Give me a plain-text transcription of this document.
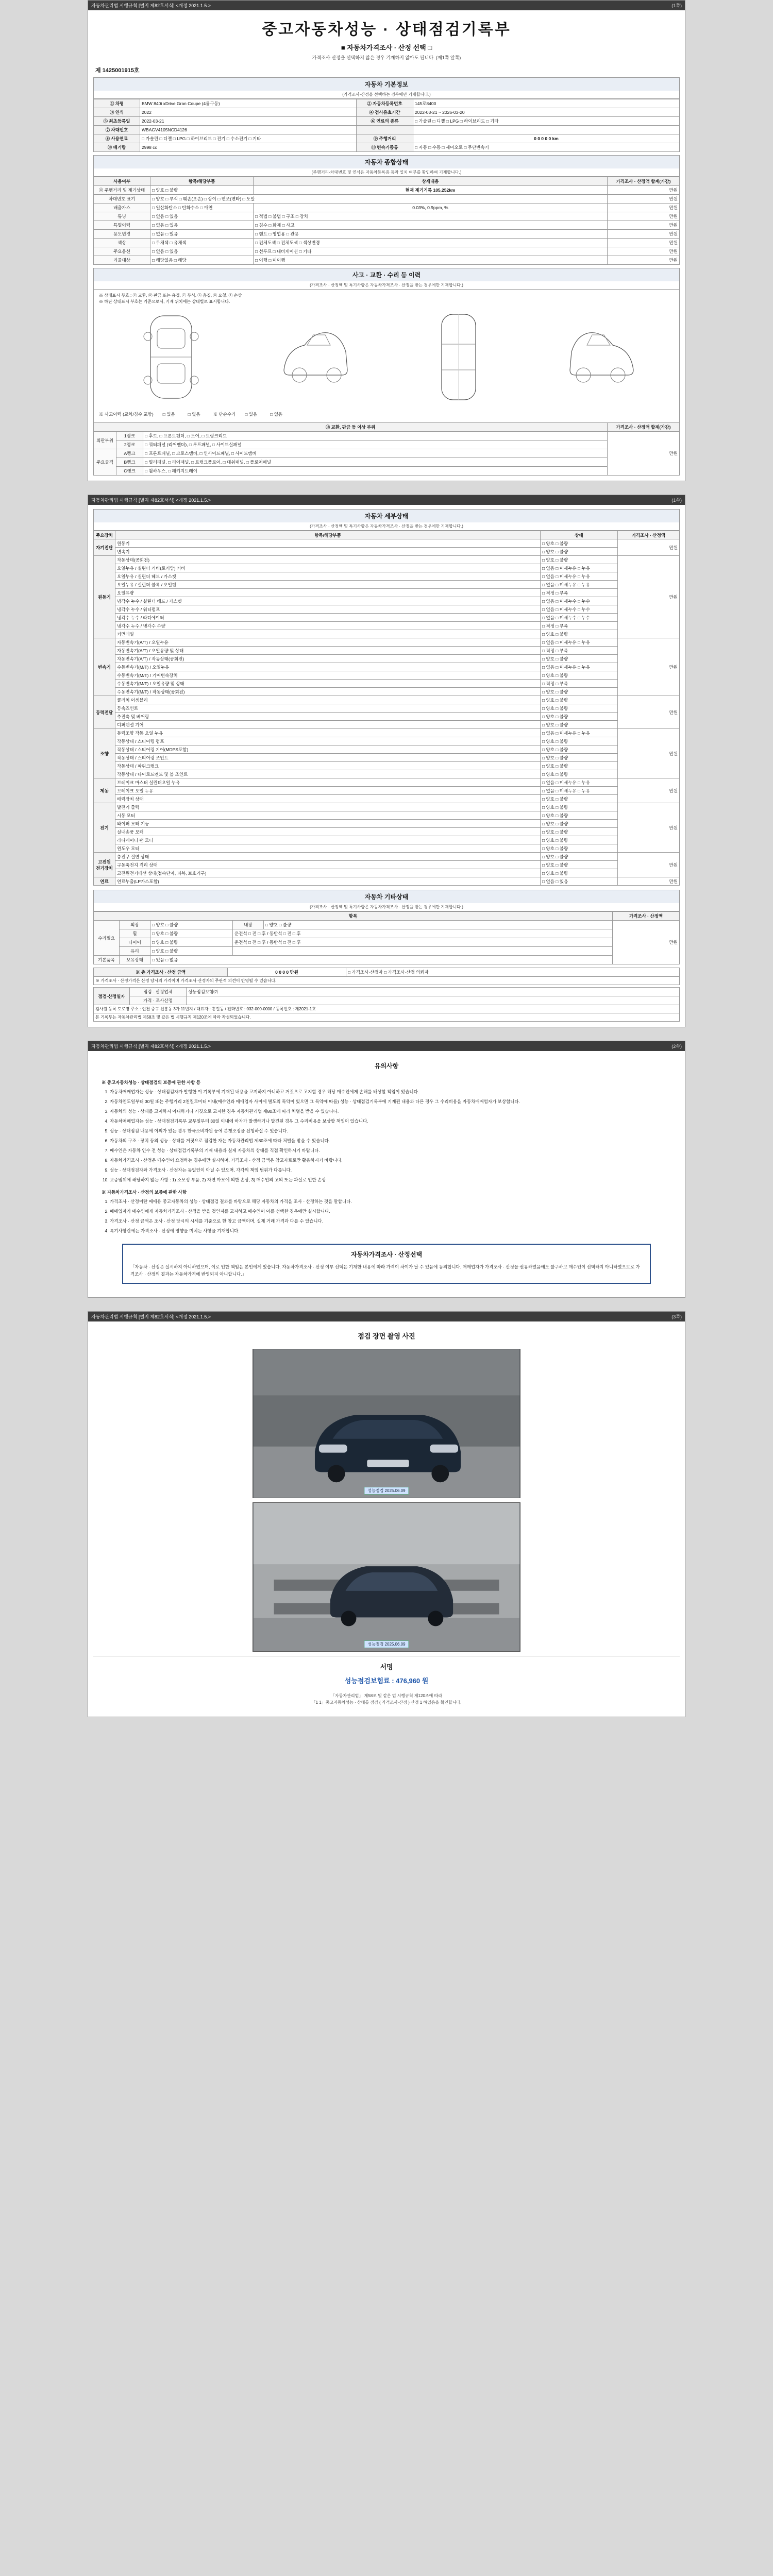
자동차관리법 시행규칙 [별지 제82호서식] <개정 2021.1.5.>	(1쪽)
중고자동차성능 · 상태점검기록부
■ 자동차가격조사 · 산정 선택 □
가격조사·산정을 선택하지 않은 경우 기재하지 않아도 됩니다. (제1쪽 앞쪽)
제 1425001915호
자동차 기본정보
(가격조사·산정을 선택하는 경우에만 기재합니다.)
① 차명	BMW 840i xDrive Gran Coupe (4륜구동)	② 자동차등록번호	145로8400
③ 연식	2022	④ 검사유효기간	2022-03-21 ~ 2026-03-20
⑤ 최초등록일	2022-03-21	⑥ 연료의 종류	□ 가솔린 □ 디젤 □ LPG □ 하이브리드 □ 기타
⑦ 차대번호	WBAGV4105NCD4126		
⑧ 사용연료	□ 가솔린 □ 디젤 □ LPG □ 하이브리드 □ 전기 □ 수소전기 □ 기타	⑨ 주행거리	0 0 0 0 0 km
⑩ 배기량	2998 cc	⑪ 변속기종류	□ 자동 □ 수동 □ 세미오토 □ 무단변속기
자동차 종합상태
(주행거리·차대번호 및 연식은 자동차등록증 등과 일치 여부를 확인하여 기재합니다.)
사용여부	항목/해당부품	상세내용	가격조사 · 산정액 합계(가감)
⑫ 주행거리 및 계기상태	□ 양호 □ 불량	현재 계기기록 105,252km	만원
차대번호 표기	□ 양호 □ 부식 □ 훼손(오손) □ 상이 □ 변조(변타) □ 도말		만원
배출가스	□ 일산화탄소 □ 탄화수소 □ 매연	0.03%, 0.9ppm, %	만원
튜닝	□ 없음 □ 있음	□ 적법 □ 불법 □ 구조 □ 장치	만원
특별이력	□ 없음 □ 있음	□ 침수 □ 화재 □ 사고	만원
용도변경	□ 없음 □ 있음	□ 렌트 □ 영업용 □ 관용	만원
색상	□ 무채색 □ 유채색	□ 전체도색 □ 전체도색 □ 색상변경	만원
주요옵션	□ 없음 □ 있음	□ 선루프 □ 내비게이션 □ 기타	만원
리콜대상	□ 해당없음 □ 해당	□ 이행 □ 미이행	만원
사고 · 교환 · 수리 등 이력
(가격조사 · 산정액 및 특기사항은 자동차가격조사 · 산정을 받는 경우에만 기재합니다.)
※ 상태표시 부호 : ⓧ 교환, ⓦ 판금 또는 용접, ⓒ 부식, ⓐ 흠집, ⓤ 요철, ⓣ 손상
※ 하단 상태표시 부호는 기준으로서, 기재 위치에는 상태별로 표시합니다.
※ 사고이력 (교차/침수 포함) □ 있음	□ 없음	※ 단순수리 □ 있음	□ 없음
⑬ 교환, 판금 등 이상 부위			가격조사 · 산정액 합계(가감)
외판부위	1랭크	□ 후드, □ 프론트펜더, □ 도어, □ 트렁크리드	만원
	2랭크	□ 쿼터패널 (리어펜더), □ 루프패널, □ 사이드실패널	
주요골격	A랭크	□ 프론트패널, □ 크로스맴버, □ 인사이드패널, □ 사이드맴버	
	B랭크	□ 필러패널, □ 리어패널, □ 트렁크플로어, □ 대쉬패널, □ 플로어패널	
	C랭크	□ 휠하우스, □ 패키지트레이	
자동차관리법 시행규칙 [별지 제82호서식] <개정 2021.1.5.>	(1쪽)
자동차 세부상태
(가격조사 · 산정액 및 특기사항은 자동차가격조사 · 산정을 받는 경우에만 기재합니다.)
주요장치	항목/해당부품	상태	가격조사 · 산정액
자기진단	원동기	□ 양호 □ 불량	만원
	변속기	□ 양호 □ 불량	
원동기	작동상태(공회전)	□ 양호 □ 불량	만원
	오일누유 / 실린더 커버(로커암) 커버	□ 없음 □ 미세누유 □ 누유	
	오일누유 / 실린더 헤드 / 가스켓	□ 없음 □ 미세누유 □ 누유	
	오일누유 / 실린더 블록 / 오일팬	□ 없음 □ 미세누유 □ 누유	
	오일유량	□ 적정 □ 부족	
	냉각수 누수 / 실린더 헤드 / 가스켓	□ 없음 □ 미세누수 □ 누수	
	냉각수 누수 / 워터펌프	□ 없음 □ 미세누수 □ 누수	
	냉각수 누수 / 라디에이터	□ 없음 □ 미세누수 □ 누수	
	냉각수 누수 / 냉각수 수량	□ 적정 □ 부족	
	커먼레일	□ 양호 □ 불량	
변속기	자동변속기(A/T) / 오일누유	□ 없음 □ 미세누유 □ 누유	만원
	자동변속기(A/T) / 오일유량 및 상태	□ 적정 □ 부족	
	자동변속기(A/T) / 작동상태(공회전)	□ 양호 □ 불량	
	수동변속기(M/T) / 오일누유	□ 없음 □ 미세누유 □ 누유	
	수동변속기(M/T) / 기어변속장치	□ 양호 □ 불량	
	수동변속기(M/T) / 오일유량 및 상태	□ 적정 □ 부족	
	수동변속기(M/T) / 작동상태(공회전)	□ 양호 □ 불량	
동력전달	클러치 어셈블리	□ 양호 □ 불량	만원
	등속죠인트	□ 양호 □ 불량	
	추진축 및 베어링	□ 양호 □ 불량	
	디퍼렌셜 기어	□ 양호 □ 불량	
조향	동력조향 작동 오일 누유	□ 없음 □ 미세누유 □ 누유	만원
	작동상태 / 스티어링 펌프	□ 양호 □ 불량	
	작동상태 / 스티어링 기어(MDPS포함)	□ 양호 □ 불량	
	작동상태 / 스티어링 조인트	□ 양호 □ 불량	
	작동상태 / 파워크랭크	□ 양호 □ 불량	
	작동상태 / 타이로드엔드 및 볼 조인트	□ 양호 □ 불량	
제동	브레이크 마스터 실린더오일 누유	□ 없음 □ 미세누유 □ 누유	만원
	브레이크 오일 누유	□ 없음 □ 미세누유 □ 누유	
	배력장치 상태	□ 양호 □ 불량	
전기	발전기 출력	□ 양호 □ 불량	만원
	시동 모터	□ 양호 □ 불량	
	와이퍼 모터 기능	□ 양호 □ 불량	
	실내송풍 모터	□ 양호 □ 불량	
	라디에이터 팬 모터	□ 양호 □ 불량	
	윈도우 모터	□ 양호 □ 불량	
고전원 전기장치	충전구 절연 상태	□ 양호 □ 불량	만원
	구동축전지 격리 상태	□ 양호 □ 불량	
	고전원전기배선 상태(접속단자, 피복, 보호기구)	□ 양호 □ 불량	
연료	연료누출(LP가스포함)	□ 없음 □ 있음	만원
자동차 기타상태
(가격조사 · 산정액 및 특기사항은 자동차가격조사 · 산정을 받는 경우에만 기재합니다.)
항목					가격조사 · 산정액
수리필요	외장	□ 양호 □ 불량	내장	□ 양호 □ 불량	만원
	휠	□ 양호 □ 불량	운전석 □ 전 □ 후 / 동반석 □ 전 □ 후		
	타이어	□ 양호 □ 불량	운전석 □ 전 □ 후 / 동반석 □ 전 □ 후		
	유리	□ 양호 □ 불량			
기본품목	보유상태	□ 있음 □ 없음			
※ 총 가격조사 · 산정 금액	0 0 0 0 만원	□ 가격조사·산정자 □ 가격조사·산정 의뢰자
※ 가격조사 · 산정가격은 산정 당시의 가격이며 가격조사·산정자의 주관적 의견이 반영될 수 있습니다.
점검·산정일자	점검 · 산정업체	성능점검보험㈜
	가격 · 조사산정	
검사원 등록 도로명 주소 : 인천 중구 신흥동 3가 11번지 / 대표자 : 홍길동 / 전화번호 : 032-000-0000 / 등록번호 : 제2021-1호		
본 기록부는 자동차관리법 제58조 및 같은 법 시행규칙 제120조에 따라 작성되었습니다.		
자동차관리법 시행규칙 [별지 제82호서식] <개정 2021.1.5.>	(2쪽)
유의사항
※ 중고자동차성능 · 상태점검의 보증에 관한 사항 등
1. 자동차매매업자는 성능 · 상태점검자가 발행한 이 기록부에 기재된 내용을 고지하지 아니하고 거짓으로 고지할 경우 해당 매수인에게 손해를 배상할 책임이 있습니다.
2. 자동차인도일부터 30일 또는 주행거리 2천킬로미터 이내(매수인과 매매업자 사이에 별도의 특약이 있으면 그 특약에 따름) 성능 · 상태점검기록부에 기재된 내용과 다른 경우 그 수리비용을 자동차매매업자가 보상합니다.
3. 자동차의 성능 · 상태를 고지하지 아니하거나 거짓으로 고지한 경우 자동차관리법 제80조에 따라 처벌을 받을 수 있습니다.
4. 자동차매매업자는 성능 · 상태점검기록부 교부일부터 30일 이내에 하자가 발생하거나 발견된 경우 그 수리비용을 보상할 책임이 있습니다.
5. 성능 · 상태점검 내용에 이의가 있는 경우 한국소비자원 등에 분쟁조정을 신청하실 수 있습니다.
6. 자동차의 구조 · 장치 등의 성능 · 상태를 거짓으로 점검한 자는 자동차관리법 제80조에 따라 처벌을 받을 수 있습니다.
7. 매수인은 자동차 인수 전 성능 · 상태점검기록부의 기재 내용과 실제 자동차의 상태를 직접 확인하시기 바랍니다.
8. 자동차가격조사 · 산정은 매수인이 요청하는 경우에만 실시하며, 가격조사 · 산정 금액은 참고자료로만 활용하시기 바랍니다.
9. 성능 · 상태점검자와 가격조사 · 산정자는 동일인이 아닐 수 있으며, 각각의 책임 범위가 다릅니다.
10. 보증범위에 해당하지 않는 사항 : 1) 소모성 부품, 2) 자연 마모에 의한 손상, 3) 매수인의 고의 또는 과실로 인한 손상
※ 자동차가격조사 · 산정의 보증에 관한 사항
1. 가격조사 · 산정이란 매매용 중고자동차의 성능 · 상태점검 결과를 바탕으로 해당 자동차의 가격을 조사 · 산정하는 것을 말합니다.
2. 매매업자가 매수인에게 자동차가격조사 · 산정을 받을 것인지를 고지하고 매수인이 이를 선택한 경우에만 실시합니다.
3. 가격조사 · 산정 금액은 조사 · 산정 당시의 시세를 기준으로 한 참고 금액이며, 실제 거래 가격과 다를 수 있습니다.
4. 특기사항란에는 가격조사 · 산정에 영향을 미치는 사항을 기재합니다.
자동차가격조사 · 산정선택
「자동차 · 산정은 실시하지 아니하였으며, 이로 인한 책임은 본인에게 있습니다. 자동차가격조사 · 산정 여부 선택은 기재한 내용에 따라 가격이 차이가 날 수 있음에 동의합니다. 매매업자가 가격조사 · 산정을 권유하였음에도 불구하고 매수인이 선택하지 아니하였으므로 가격조사 · 산정의 결과는 자동차가격에 반영되지 아니합니다.」
자동차관리법 시행규칙 [별지 제82호서식] <개정 2021.1.5.>	(3쪽)
점검 장면 촬영 사진
성능점검 2025.06.09
성능점검 2025.06.09
서명
성능점검보험료 : 476,960 원
「자동차관리법」 제58조 및 같은 법 시행규칙 제120조에 따라
「1 1」중고자동차성능 · 상태를 점검 ( 가격조사·산정 ) 산정 1 하였음을 확인합니다.
